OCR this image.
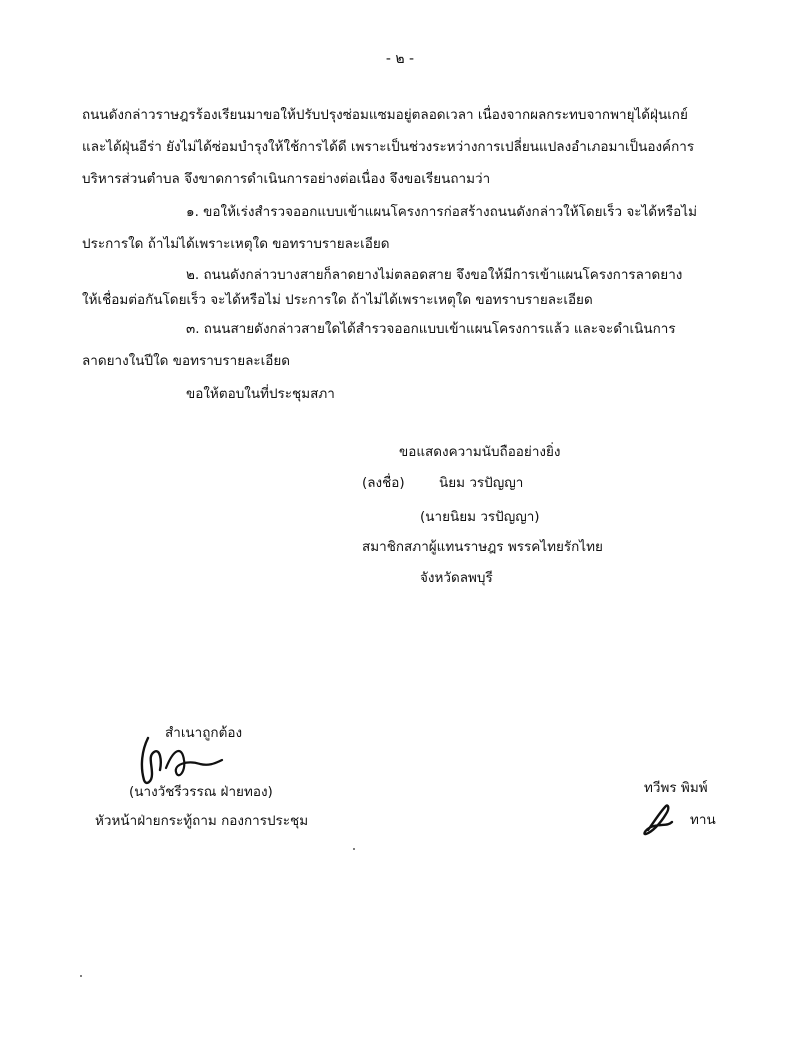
- ๒ -
ถนนดังกล่าวราษฎรร้องเรียนมาขอให้ปรับปรุงซ่อมแซมอยู่ตลอดเวลา เนื่องจากผลกระทบจากพายุได้ฝุ่นเกย์
และได้ฝุ่นอีร่า ยังไม่ได้ซ่อมบำรุงให้ใช้การได้ดี เพราะเป็นช่วงระหว่างการเปลี่ยนแปลงอำเภอมาเป็นองค์การ
บริหารส่วนตำบล จึงขาดการดำเนินการอย่างต่อเนื่อง จึงขอเรียนถามว่า
๑. ขอให้เร่งสำรวจออกแบบเข้าแผนโครงการก่อสร้างถนนดังกล่าวให้โดยเร็ว จะได้หรือไม่
ประการใด ถ้าไม่ได้เพราะเหตุใด ขอทราบรายละเอียด
๒. ถนนดังกล่าวบางสายก็ลาดยางไม่ตลอดสาย จึงขอให้มีการเข้าแผนโครงการลาดยาง
ให้เชื่อมต่อกันโดยเร็ว จะได้หรือไม่ ประการใด ถ้าไม่ได้เพราะเหตุใด ขอทราบรายละเอียด
๓. ถนนสายดังกล่าวสายใดได้สำรวจออกแบบเข้าแผนโครงการแล้ว และจะดำเนินการ
ลาดยางในปีใด ขอทราบรายละเอียด
ขอให้ตอบในที่ประชุมสภา
ขอแสดงความนับถืออย่างยิ่ง
(ลงชื่อ)	นิยม วรปัญญา
(นายนิยม วรปัญญา)
สมาชิกสภาผู้แทนราษฎร พรรคไทยรักไทย
จังหวัดลพบุรี
สำเนาถูกต้อง
(นางวัชรีวรรณ ฝ่ายทอง)
หัวหน้าฝ่ายกระทู้ถาม กองการประชุม
ทวีพร พิมพ์
ทาน
